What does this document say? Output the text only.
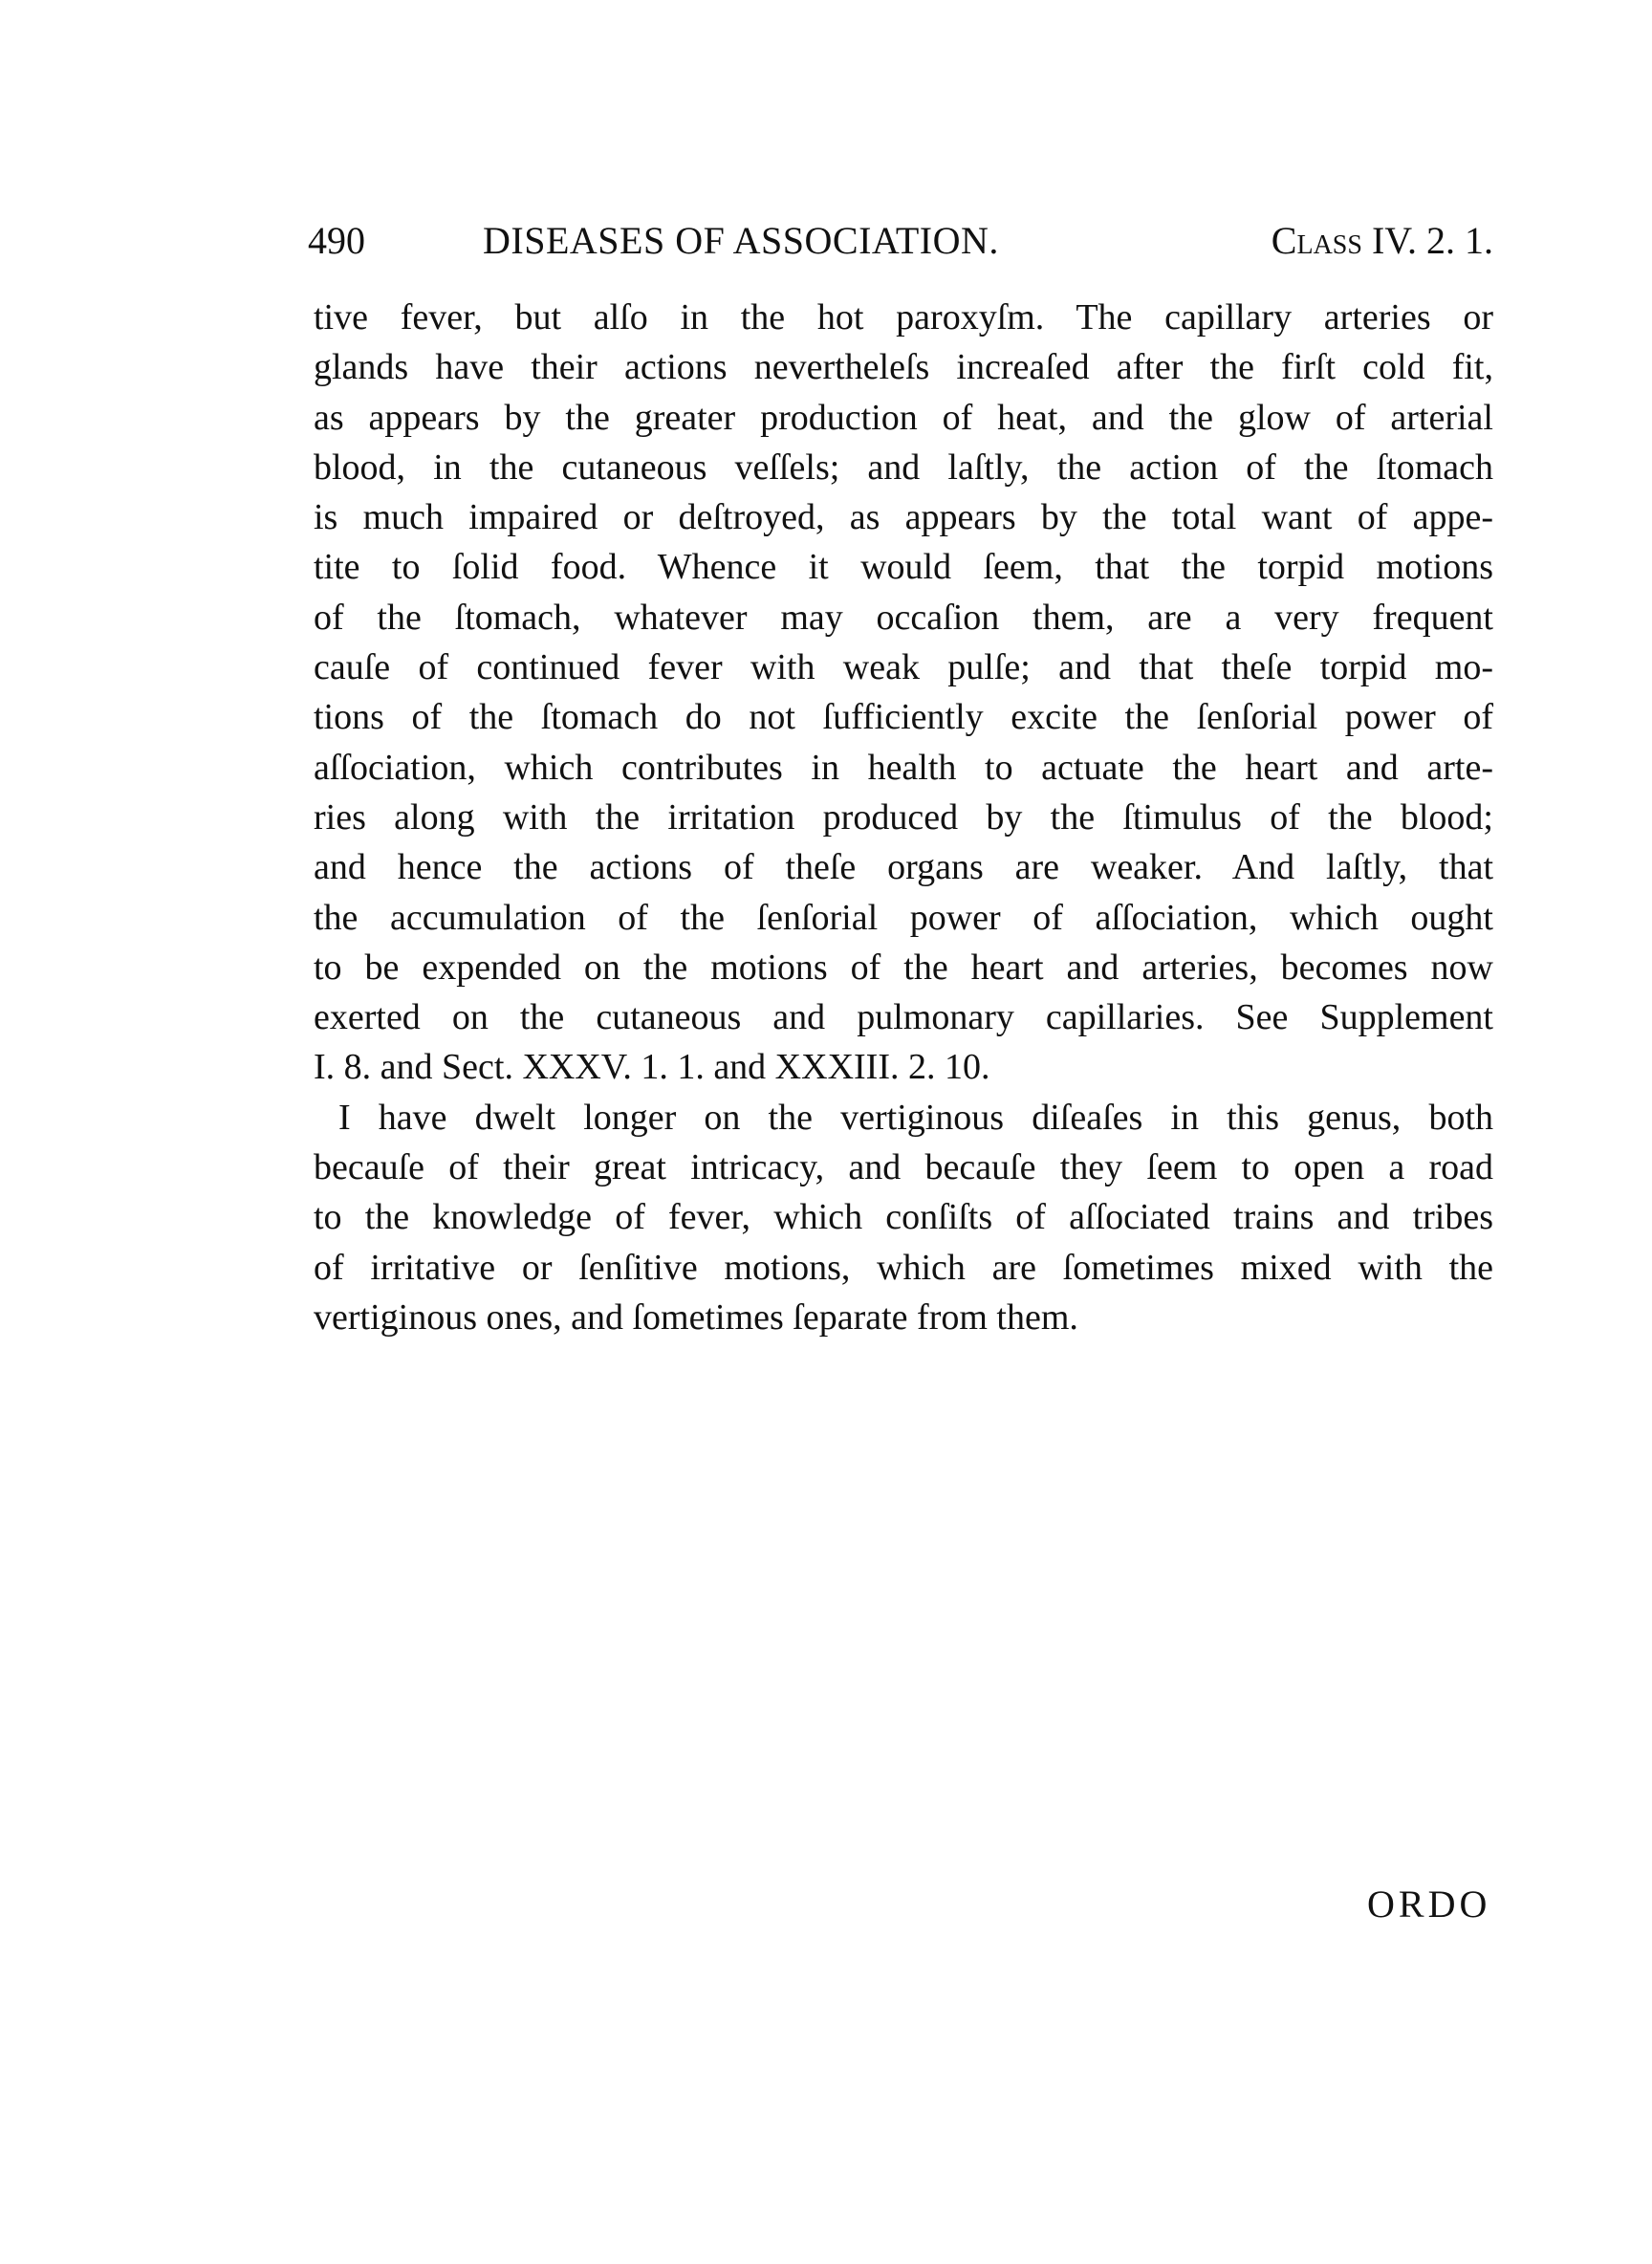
490	DISEASES OF ASSOCIATION.	Class IV. 2. 1.
tive fever, but alſo in the hot paroxyſm. The capillary arteries or
glands have their actions nevertheleſs increaſed after the firſt cold fit,
as appears by the greater production of heat, and the glow of arterial
blood, in the cutaneous veſſels; and laſtly, the action of the ſtomach
is much impaired or deſtroyed, as appears by the total want of appe-
tite to ſolid food. Whence it would ſeem, that the torpid motions
of the ſtomach, whatever may occaſion them, are a very frequent
cauſe of continued fever with weak pulſe; and that theſe torpid mo-
tions of the ſtomach do not ſufficiently excite the ſenſorial power of
aſſociation, which contributes in health to actuate the heart and arte-
ries along with the irritation produced by the ſtimulus of the blood;
and hence the actions of theſe organs are weaker. And laſtly, that
the accumulation of the ſenſorial power of aſſociation, which ought
to be expended on the motions of the heart and arteries, becomes now
exerted on the cutaneous and pulmonary capillaries. See Supplement
I. 8. and Sect. XXXV. 1. 1. and XXXIII. 2. 10.
I have dwelt longer on the vertiginous diſeaſes in this genus, both
becauſe of their great intricacy, and becauſe they ſeem to open a road
to the knowledge of fever, which conſiſts of aſſociated trains and tribes
of irritative or ſenſitive motions, which are ſometimes mixed with the
vertiginous ones, and ſometimes ſeparate from them.
ORDO
